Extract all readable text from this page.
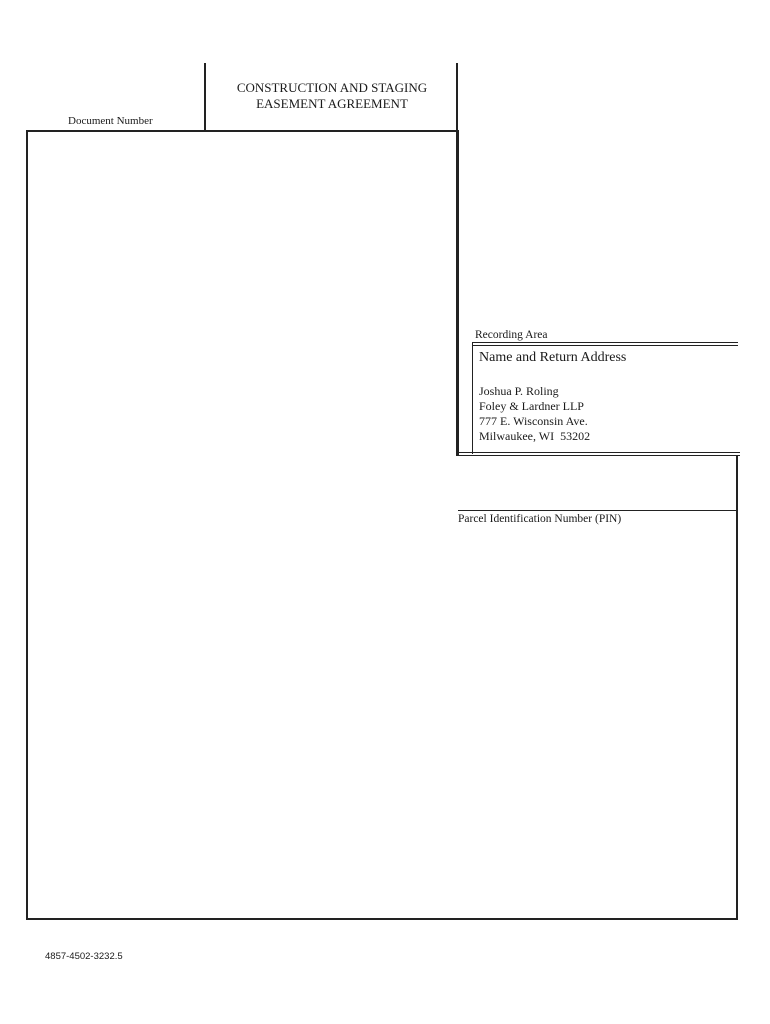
CONSTRUCTION AND STAGING
EASEMENT AGREEMENT
Document Number
Recording Area
Name and Return Address
Joshua P. Roling
Foley & Lardner LLP
777 E. Wisconsin Ave.
Milwaukee, WI  53202
Parcel Identification Number (PIN)
4857-4502-3232.5
